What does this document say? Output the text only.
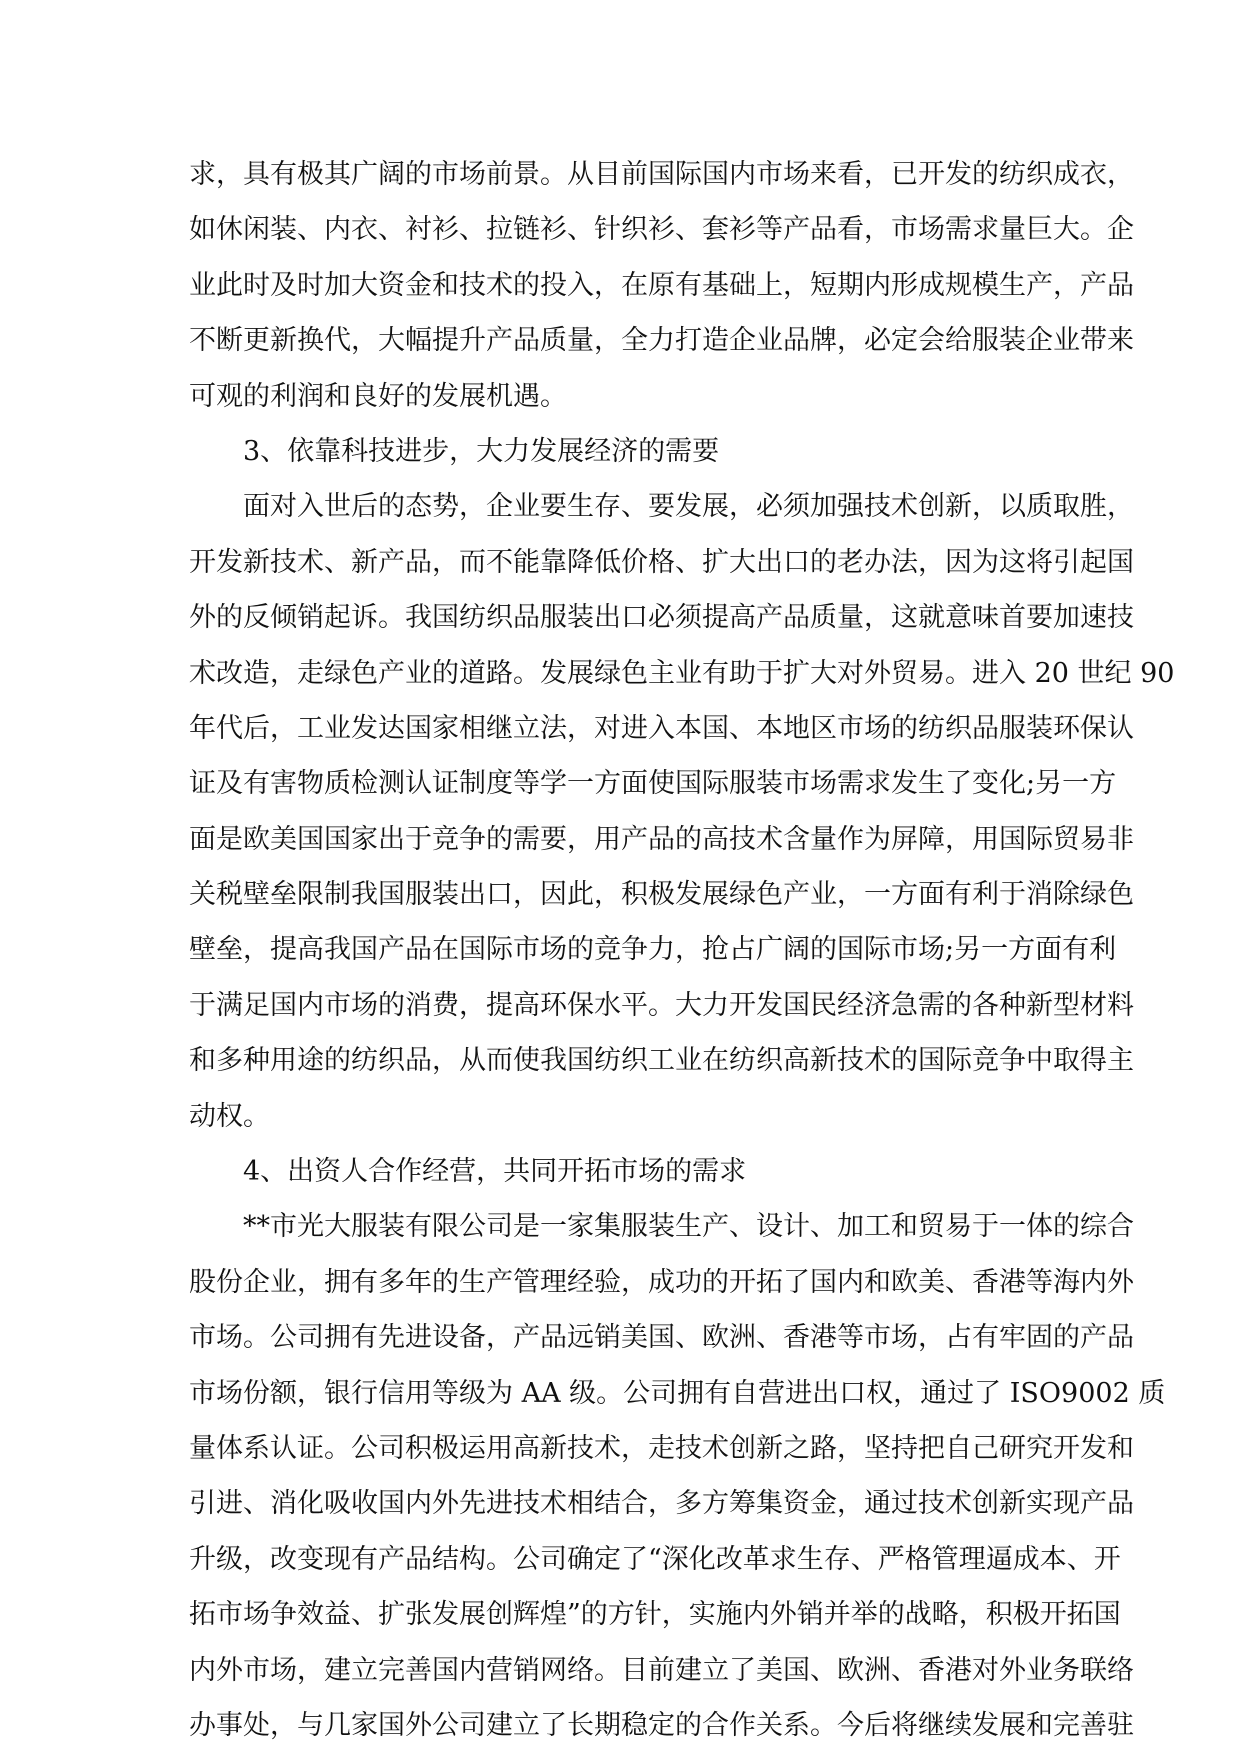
求，具有极其广阔的市场前景。从目前国际国内市场来看，已开发的纺织成衣，
如休闲装、内衣、衬衫、拉链衫、针织衫、套衫等产品看，市场需求量巨大。企
业此时及时加大资金和技术的投入，在原有基础上，短期内形成规模生产，产品
不断更新换代，大幅提升产品质量，全力打造企业品牌，必定会给服装企业带来
可观的利润和良好的发展机遇。
3、依靠科技进步，大力发展经济的需要
面对入世后的态势，企业要生存、要发展，必须加强技术创新，以质取胜，
开发新技术、新产品，而不能靠降低价格、扩大出口的老办法，因为这将引起国
外的反倾销起诉。我国纺织品服装出口必须提高产品质量，这就意味首要加速技
术改造，走绿色产业的道路。发展绿色主业有助于扩大对外贸易。进入 20 世纪 90
年代后，工业发达国家相继立法，对进入本国、本地区市场的纺织品服装环保认
证及有害物质检测认证制度等学一方面使国际服装市场需求发生了变化;另一方
面是欧美国国家出于竞争的需要，用产品的高技术含量作为屏障，用国际贸易非
关税壁垒限制我国服装出口，因此，积极发展绿色产业，一方面有利于消除绿色
壁垒，提高我国产品在国际市场的竞争力，抢占广阔的国际市场;另一方面有利
于满足国内市场的消费，提高环保水平。大力开发国民经济急需的各种新型材料
和多种用途的纺织品，从而使我国纺织工业在纺织高新技术的国际竞争中取得主
动权。
4、出资人合作经营，共同开拓市场的需求
**市光大服装有限公司是一家集服装生产、设计、加工和贸易于一体的综合
股份企业，拥有多年的生产管理经验，成功的开拓了国内和欧美、香港等海内外
市场。公司拥有先进设备，产品远销美国、欧洲、香港等市场，占有牢固的产品
市场份额，银行信用等级为 AA 级。公司拥有自营进出口权，通过了 ISO9002 质
量体系认证。公司积极运用高新技术，走技术创新之路，坚持把自己研究开发和
引进、消化吸收国内外先进技术相结合，多方筹集资金，通过技术创新实现产品
升级，改变现有产品结构。公司确定了“深化改革求生存、严格管理逼成本、开
拓市场争效益、扩张发展创辉煌”的方针，实施内外销并举的战略，积极开拓国
内外市场，建立完善国内营销网络。目前建立了美国、欧洲、香港对外业务联络
办事处，与几家国外公司建立了长期稳定的合作关系。今后将继续发展和完善驻
